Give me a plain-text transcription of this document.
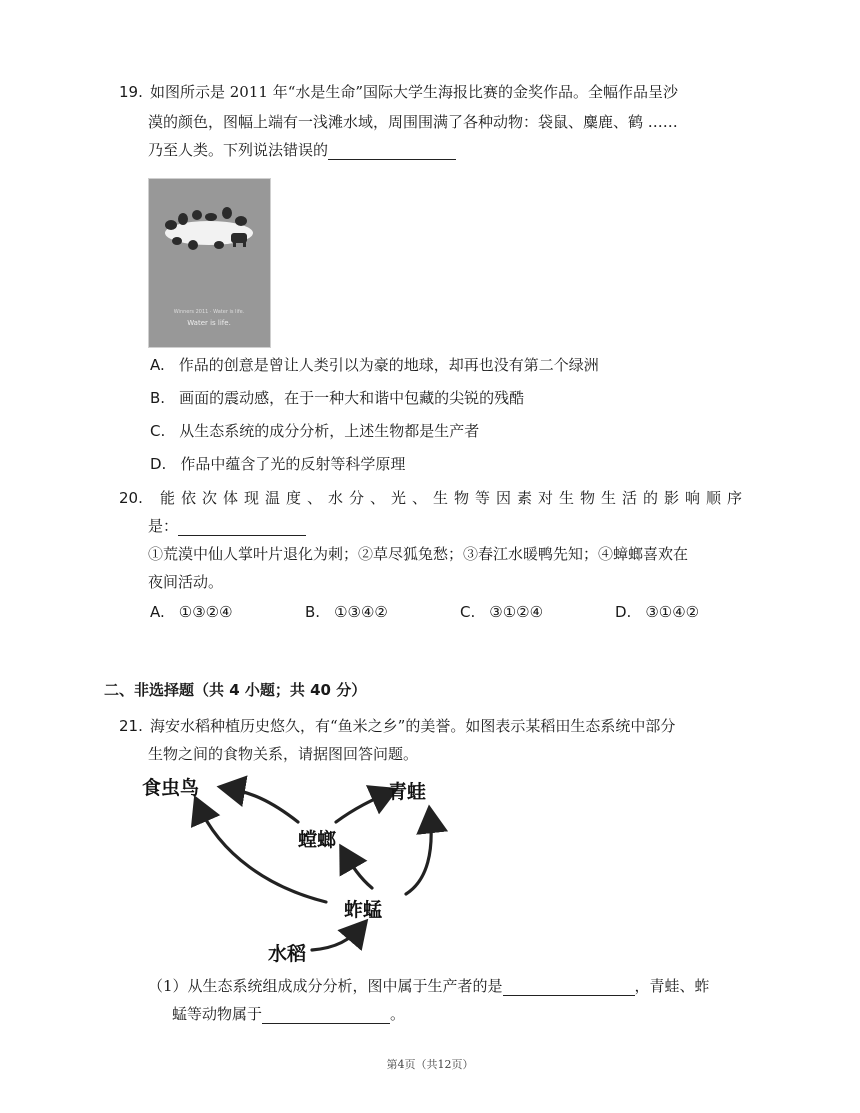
19. 如图所示是 2011 年“水是生命”国际大学生海报比赛的金奖作品。全幅作品呈沙
漠的颜色，图幅上端有一浅滩水域，周围围满了各种动物：袋鼠、麋鹿、鹤 ……
乃至人类。下列说法错误的
Winners 2011 · Water is life.
Water is life.
A. 作品的创意是曾让人类引以为豪的地球，却再也没有第二个绿洲
B. 画面的震动感，在于一种大和谐中包藏的尖锐的残酷
C. 从生态系统的成分分析，上述生物都是生产者
D. 作品中蕴含了光的反射等科学原理
20. 能依次体现温度、水分、光、生物等因素对生物生活的影响顺序
是：
①荒漠中仙人掌叶片退化为刺；②草尽狐兔愁；③春江水暖鸭先知；④蟑螂喜欢在
夜间活动。
A. ①③②④	B. ①③④②	C. ③①②④	D. ③①④②
二、非选择题（共 4 小题；共 40 分）
21. 海安水稻种植历史悠久，有“鱼米之乡”的美誉。如图表示某稻田生态系统中部分
生物之间的食物关系，请据图回答问题。
食虫鸟	青蛙
螳螂
蚱蜢
水稻
（1）从生态系统组成成分分析，图中属于生产者的是	，青蛙、蚱
蜢等动物属于	。
第4页（共12页）
